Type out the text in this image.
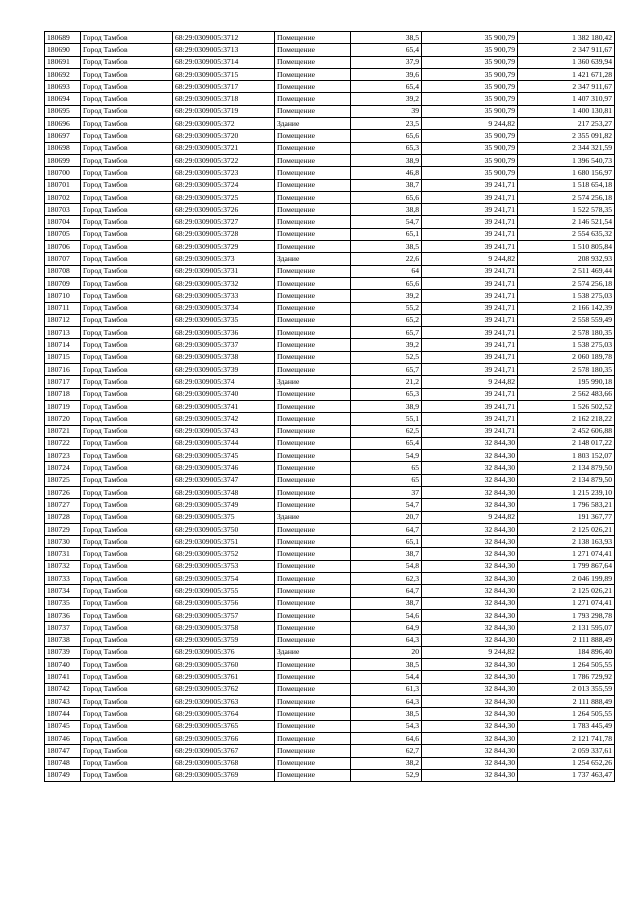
180689	Город Тамбов	68:29:0309005:3712	Помещение	38,5	35 900,79	1 382 180,42
180690	Город Тамбов	68:29:0309005:3713	Помещение	65,4	35 900,79	2 347 911,67
180691	Город Тамбов	68:29:0309005:3714	Помещение	37,9	35 900,79	1 360 639,94
180692	Город Тамбов	68:29:0309005:3715	Помещение	39,6	35 900,79	1 421 671,28
180693	Город Тамбов	68:29:0309005:3717	Помещение	65,4	35 900,79	2 347 911,67
180694	Город Тамбов	68:29:0309005:3718	Помещение	39,2	35 900,79	1 407 310,97
180695	Город Тамбов	68:29:0309005:3719	Помещение	39	35 900,79	1 400 130,81
180696	Город Тамбов	68:29:0309005:372	Здание	23,5	9 244,82	217 253,27
180697	Город Тамбов	68:29:0309005:3720	Помещение	65,6	35 900,79	2 355 091,82
180698	Город Тамбов	68:29:0309005:3721	Помещение	65,3	35 900,79	2 344 321,59
180699	Город Тамбов	68:29:0309005:3722	Помещение	38,9	35 900,79	1 396 540,73
180700	Город Тамбов	68:29:0309005:3723	Помещение	46,8	35 900,79	1 680 156,97
180701	Город Тамбов	68:29:0309005:3724	Помещение	38,7	39 241,71	1 518 654,18
180702	Город Тамбов	68:29:0309005:3725	Помещение	65,6	39 241,71	2 574 256,18
180703	Город Тамбов	68:29:0309005:3726	Помещение	38,8	39 241,71	1 522 578,35
180704	Город Тамбов	68:29:0309005:3727	Помещение	54,7	39 241,71	2 146 521,54
180705	Город Тамбов	68:29:0309005:3728	Помещение	65,1	39 241,71	2 554 635,32
180706	Город Тамбов	68:29:0309005:3729	Помещение	38,5	39 241,71	1 510 805,84
180707	Город Тамбов	68:29:0309005:373	Здание	22,6	9 244,82	208 932,93
180708	Город Тамбов	68:29:0309005:3731	Помещение	64	39 241,71	2 511 469,44
180709	Город Тамбов	68:29:0309005:3732	Помещение	65,6	39 241,71	2 574 256,18
180710	Город Тамбов	68:29:0309005:3733	Помещение	39,2	39 241,71	1 538 275,03
180711	Город Тамбов	68:29:0309005:3734	Помещение	55,2	39 241,71	2 166 142,39
180712	Город Тамбов	68:29:0309005:3735	Помещение	65,2	39 241,71	2 558 559,49
180713	Город Тамбов	68:29:0309005:3736	Помещение	65,7	39 241,71	2 578 180,35
180714	Город Тамбов	68:29:0309005:3737	Помещение	39,2	39 241,71	1 538 275,03
180715	Город Тамбов	68:29:0309005:3738	Помещение	52,5	39 241,71	2 060 189,78
180716	Город Тамбов	68:29:0309005:3739	Помещение	65,7	39 241,71	2 578 180,35
180717	Город Тамбов	68:29:0309005:374	Здание	21,2	9 244,82	195 990,18
180718	Город Тамбов	68:29:0309005:3740	Помещение	65,3	39 241,71	2 562 483,66
180719	Город Тамбов	68:29:0309005:3741	Помещение	38,9	39 241,71	1 526 502,52
180720	Город Тамбов	68:29:0309005:3742	Помещение	55,1	39 241,71	2 162 218,22
180721	Город Тамбов	68:29:0309005:3743	Помещение	62,5	39 241,71	2 452 606,88
180722	Город Тамбов	68:29:0309005:3744	Помещение	65,4	32 844,30	2 148 017,22
180723	Город Тамбов	68:29:0309005:3745	Помещение	54,9	32 844,30	1 803 152,07
180724	Город Тамбов	68:29:0309005:3746	Помещение	65	32 844,30	2 134 879,50
180725	Город Тамбов	68:29:0309005:3747	Помещение	65	32 844,30	2 134 879,50
180726	Город Тамбов	68:29:0309005:3748	Помещение	37	32 844,30	1 215 239,10
180727	Город Тамбов	68:29:0309005:3749	Помещение	54,7	32 844,30	1 796 583,21
180728	Город Тамбов	68:29:0309005:375	Здание	20,7	9 244,82	191 367,77
180729	Город Тамбов	68:29:0309005:3750	Помещение	64,7	32 844,30	2 125 026,21
180730	Город Тамбов	68:29:0309005:3751	Помещение	65,1	32 844,30	2 138 163,93
180731	Город Тамбов	68:29:0309005:3752	Помещение	38,7	32 844,30	1 271 074,41
180732	Город Тамбов	68:29:0309005:3753	Помещение	54,8	32 844,30	1 799 867,64
180733	Город Тамбов	68:29:0309005:3754	Помещение	62,3	32 844,30	2 046 199,89
180734	Город Тамбов	68:29:0309005:3755	Помещение	64,7	32 844,30	2 125 026,21
180735	Город Тамбов	68:29:0309005:3756	Помещение	38,7	32 844,30	1 271 074,41
180736	Город Тамбов	68:29:0309005:3757	Помещение	54,6	32 844,30	1 793 298,78
180737	Город Тамбов	68:29:0309005:3758	Помещение	64,9	32 844,30	2 131 595,07
180738	Город Тамбов	68:29:0309005:3759	Помещение	64,3	32 844,30	2 111 888,49
180739	Город Тамбов	68:29:0309005:376	Здание	20	9 244,82	184 896,40
180740	Город Тамбов	68:29:0309005:3760	Помещение	38,5	32 844,30	1 264 505,55
180741	Город Тамбов	68:29:0309005:3761	Помещение	54,4	32 844,30	1 786 729,92
180742	Город Тамбов	68:29:0309005:3762	Помещение	61,3	32 844,30	2 013 355,59
180743	Город Тамбов	68:29:0309005:3763	Помещение	64,3	32 844,30	2 111 888,49
180744	Город Тамбов	68:29:0309005:3764	Помещение	38,5	32 844,30	1 264 505,55
180745	Город Тамбов	68:29:0309005:3765	Помещение	54,3	32 844,30	1 783 445,49
180746	Город Тамбов	68:29:0309005:3766	Помещение	64,6	32 844,30	2 121 741,78
180747	Город Тамбов	68:29:0309005:3767	Помещение	62,7	32 844,30	2 059 337,61
180748	Город Тамбов	68:29:0309005:3768	Помещение	38,2	32 844,30	1 254 652,26
180749	Город Тамбов	68:29:0309005:3769	Помещение	52,9	32 844,30	1 737 463,47
